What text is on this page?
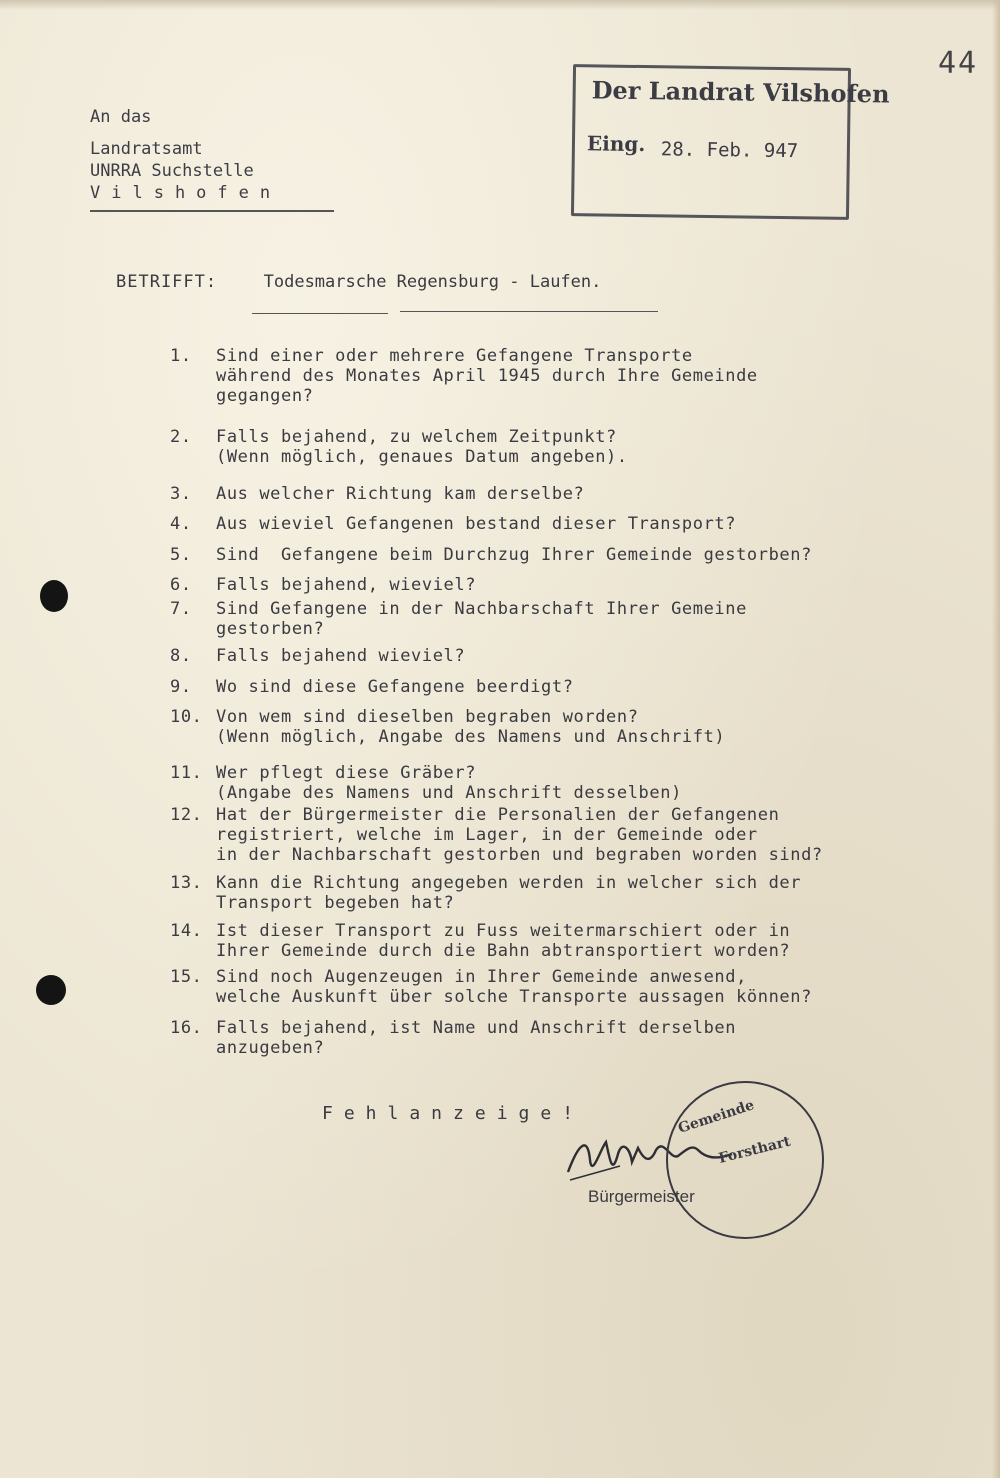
44
An das
Landratsamt
UNRRA Suchstelle
Vilshofen
Der Landrat Vilshofen
Eing. 28. Feb. 947
BETRIFFT:	Todesmarsche Regensburg - Laufen.
1. Sind einer oder mehrere Gefangene Transporte
während des Monates April 1945 durch Ihre Gemeinde
gegangen?
2. Falls bejahend, zu welchem Zeitpunkt?
(Wenn möglich, genaues Datum angeben).
3. Aus welcher Richtung kam derselbe?
4. Aus wieviel Gefangenen bestand dieser Transport?
5. Sind  Gefangene beim Durchzug Ihrer Gemeinde gestorben?
6. Falls bejahend, wieviel?
7. Sind Gefangene in der Nachbarschaft Ihrer Gemeine
gestorben?
8. Falls bejahend wieviel?
9. Wo sind diese Gefangene beerdigt?
10. Von wem sind dieselben begraben worden?
(Wenn möglich, Angabe des Namens und Anschrift)
11. Wer pflegt diese Gräber?
(Angabe des Namens und Anschrift desselben)
12. Hat der Bürgermeister die Personalien der Gefangenen
registriert, welche im Lager, in der Gemeinde oder
in der Nachbarschaft gestorben und begraben worden sind?
13. Kann die Richtung angegeben werden in welcher sich der
Transport begeben hat?
14. Ist dieser Transport zu Fuss weitermarschiert oder in
Ihrer Gemeinde durch die Bahn abtransportiert worden?
15. Sind noch Augenzeugen in Ihrer Gemeinde anwesend,
welche Auskunft über solche Transporte aussagen können?
16. Falls bejahend, ist Name und Anschrift derselben
anzugeben?
Fehlanzeige!
Bürgermeister
Gemeinde
Forsthart
